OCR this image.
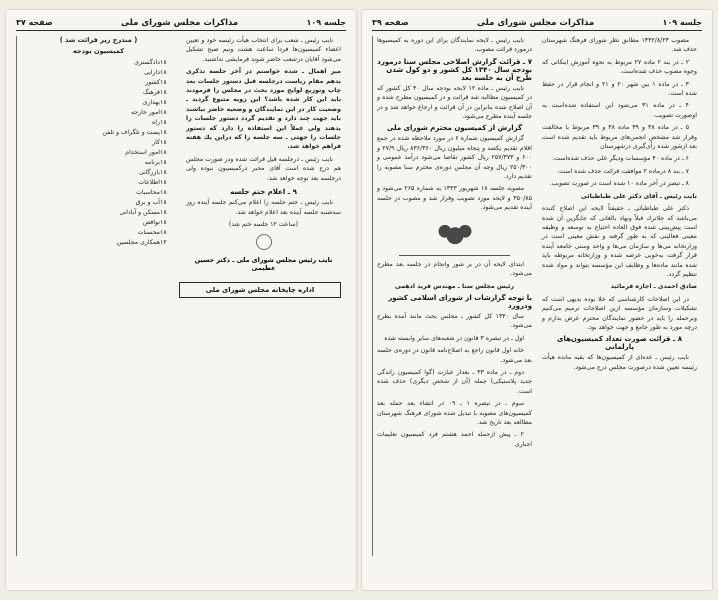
صفحه ۳۷	مذاكرات مجلس شوراى ملى	جلسه ۱۰۹
( مندرج زير قرائت شد )
كميسيون بودجه
دادگسترى ۱۸
دارايى ۱۸
كشور ۱۸
فرهنگ ۱۸
بهدارى ۱۸
امور خارجه ۱۸
راه ۱۸
پست و تلگراف و تلفن ۱۸
كار ۱۸
امور استخدام ۱۸
برنامه ۱۸
بازرگانى ۱۸
اطلاعات ۱۸
محاسبات ۱۸
آب و برق ۱۸
مسكن و آبادانى ۱۸
نواقص ۱۸
محسنات ۱۸
همكارى مجلسين ۱۲

نايب رئيس ـ شعب براى انتخاب هيأت رئيسه خود و تعيين اعضاء كميسيون‌ها فردا ساعت هشت ونيم صبح تشكيل مى‌شود ‌آقايان درشعب حاضر شوند فرمايشى نداشتيد.

مير اهمال ـ شده خواستم در آخر جلسه تذكرى بدهم مقام رياست درجلسه قبل دستور جلسات بعد چاپ وتوزيع لوايح مورد بحث در مجلس را فرمودند بايد اين كار شده باشد؟ اين رويه متبوع گرديد ـ وضعيت كار در اين نمايندگان و وضعيه حاضر نباشند بايد جهت چند دارد و تقديم گردد دستور جلسات را بدهند ولى عملاً اين استفاده را دارد كه دستور جلسات را جهتى ـ سه جلسه را كه دراين يك هفته فراهم خواهد شد.

نايب رئيس ـ درجلسه قبل قرائت شده ودر صورت مجلس هم درج شده است آقاى مخبر دركميسيون نبوده ولى درجلسه بعد توجه خواهد شد.

۹ ـ اعلام ختم جلسه

نايب رئيس ـ ختم جلسه را اعلام مى‌كنم جلسه آينده روز سه‌شنبه جلسه آينده بعد اعلام خواهد شد.

(ساعت ۱۲ جلسه ختم شد)

نايب رئيس مجلس شوراى ملى ـ دكتر حسين عظيمى
اداره چاپخانه مجلس شوراى ملى
صفحه ۳۹	مذاكرات مجلس شوراى ملى	جلسه ۱۰۹

نايب رئيس ـ لايحه نمايندگان براى اين دوره به كميسيو‌ها درمورد قرائت مصوب.

۷ ـ قرائت گزارش اصلاحى مجلس سنا درمورد بودجه سال ۱۳۴۰ كل كشور و دو كول شدن طرح آن به جلسه بعد

نايب رئيس ـ ماده ۱۲ لايحه بودجه سال ۴۰ كل كشور كه در كميسيون مطالبه شد قرائت و در كميسيون مطرح شده و آن اصلاح شده بنابراين در آن قرائت و ارجاع خواهد شد و در جلسه آينده مطرح مى‌شود.

گزارش از كميسيون محترم شوراى ملى

گزارش كميسيون شماره ۶ در مورد ملاحظه شده در جمع اقلام تقديم يكصد و پنجاه ميليون ريال ۸۳۶/۳۶۰ ريال ۲۷/۹ و ۶۰۰ و ۲۵۷/۳۷۳ ريال كشور تقاضا مى‌شود درآمد عمومى و ۲۵۰/۳۰۰ ريال وجه آن مجلس دوره‌ى محترم سنا مصوبه را تقديم دارد.

مصوبه جلسه ۱۸ شهريور ۱۳۴۳ به شماره ۲۶۵ مى‌شود و ۳۵۰/۸۵ و لايحه مورد تصويب وقرار شد و مصوب در جلسه آينده تقديم مى‌شود.

ابتداى لايحه آن در بر شور وانجام در جلسه بعد مطرح مى‌شود.

رئيس مجلس سنا ـ مهندس فريد ادهمى

با توجه گزارشات از شوراى اسلامى كشور ودرورد

سال ۱۳۴۰ كل كشور ـ مجلس بحث مانند آمده بطرح مى‌شود.

اول ـ در تبصره ۳ قانون در شعبه‌هاى ساير وابسته شده

خانه اول قانون راجع به اصلاح‌نامه قانون در دوره‌ى جلسه بعد مى‌شود.

دوم ـ در ماده ۳۳ ـ بعدار عبارت (گوا كميسيون راندگى جديد پلاستيكى) جمله (آن از شخص ديگرى) حذف شده است.

سوم ـ در تبصره ۱ ـ ۰۹ در انشاء بعد حمله بعد كميسيون‌هاى مصوبه با تبديل شده شوراى فرهنگ شهرستان مطالعه بعد تاريخ شد.

۲ ـ پيش ازجمله احمد هشتم فرد كميسيون تعليمات اجبارى

مصوب ۱۳۴۲/۸/۲۳ مطابق نظر شوراى فرهنگ شهرستان حذف شد.

۲ ـ در بند ۲ ماده ۲۷ مربوط به نحوه آموزش اينكاتى كه وجوه مصوب حذف شده‌است.

۳ ـ در ماده ۱ بين شهر ۲۰ و ۲۱ و انجام قرار در حفظ شده است.

۴ ـ در ماده ۳۱ مى‌شود اين استفاده شده‌است به اوصورت تصويب‌.

۵ ـ در ماده ۳۸ و ۳۹ ماده ۳۸ و ۳۹ مربوط با مخالفت وقرار شد مشخص انجمن‌هاى مربوط بايد تقديم شده است بعد ازشور شده رأى‌گيرى درشهرستان‌

۶ ـ در ماده ۴۰ مؤسسات وديگر على حذف شده‌است.

۷ ـ بند ۸ درماده ۲ موافقت قرائت حذف شده است.

۸ ـ تبصر در آخر ماده ۱۰ شده است در صورت تصويب.

نايب رئيس ـ آقاى دكتر على طباطبائى

دكتر على طباطبائى ـ حقيقتاً لايحه اين اصلاح كننده مى‌باشد كه جلاترك قبلاً ونهاد بالغانى كه جايگزين آن شده است پيش‌بينى شده فوق العاده احتياج به توسعه و وظيفه معينى فعاليتى كه به طور گرفته و نقش معينى است در وزارتخانه مى‌ها و سازمان مى‌ها و واحد وستى جامعه آينده قرار گرفت به‌خوبى عرضه شده و وزارتخانه مربوطه بايد شده مانند ماده‌ها و وظايف اين مؤسسه بتواند و مواد شده تنظيم گردد.

صادق احمدى ـ اجازه فرمائيد

در اين اصلاحات كارشناسى كه خلا بوده بديهى است كه تشكيلات وسازمان مؤسسه ازين اصلاحات ترميم مى‌كنيم وبرحمله را بايد در حضور نمايندگان محترم عرض بدارم و درچه مورد به طور جامع و جهت خواهد بود.

۸ ـ قرائت صورت تعداد كميسيون‌هاى پارلمانى

نايب رئيس ـ عده‌اى از كميسيون‌ها كه بقيه مانده هيأت رئيسه تعيين شده درصورت مجلس درج مى‌شود.
